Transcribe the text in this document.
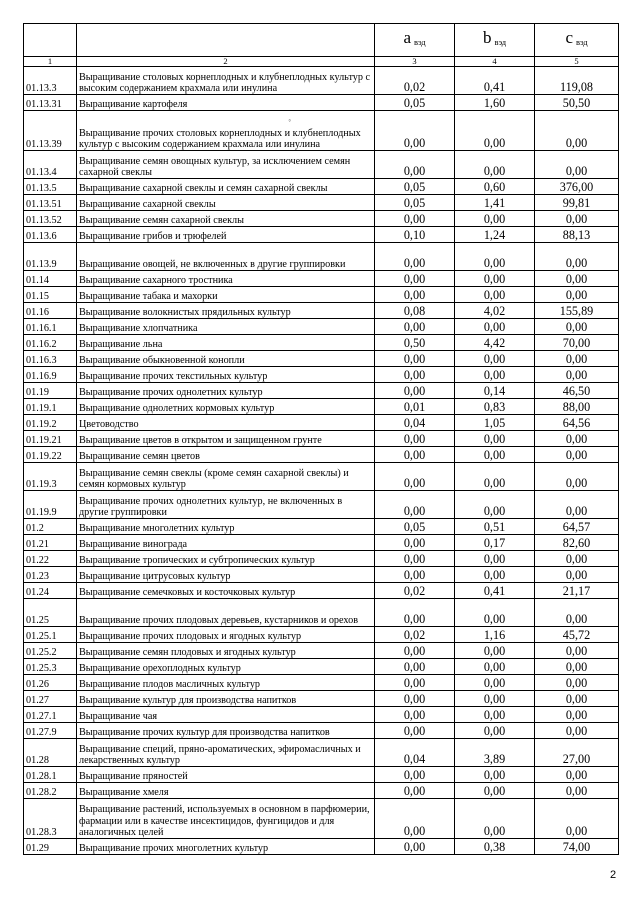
		a вэд	b вэд	c вэд
1	2	3	4	5
01.13.3	Выращивание столовых корнеплодных и клубнеплодных культур с высоким содержанием крахмала или инулина	0,02	0,41	119,08
01.13.31	Выращивание картофеля	0,05	1,60	50,50
01.13.39	Выращивание прочих столовых корнеплодных и клубнеплодных культур с высоким содержанием крахмала или инулина	0,00	0,00	0,00
01.13.4	Выращивание семян овощных культур, за исключением семян сахарной свеклы	0,00	0,00	0,00
01.13.5	Выращивание сахарной свеклы и семян сахарной свеклы	0,05	0,60	376,00
01.13.51	Выращивание сахарной свеклы	0,05	1,41	99,81
01.13.52	Выращивание семян сахарной свеклы	0,00	0,00	0,00
01.13.6	Выращивание грибов и трюфелей	0,10	1,24	88,13
01.13.9	Выращивание овощей, не включенных в другие группировки	0,00	0,00	0,00
01.14	Выращивание сахарного тростника	0,00	0,00	0,00
01.15	Выращивание табака и махорки	0,00	0,00	0,00
01.16	Выращивание волокнистых прядильных культур	0,08	4,02	155,89
01.16.1	Выращивание хлопчатника	0,00	0,00	0,00
01.16.2	Выращивание льна	0,50	4,42	70,00
01.16.3	Выращивание обыкновенной конопли	0,00	0,00	0,00
01.16.9	Выращивание прочих текстильных культур	0,00	0,00	0,00
01.19	Выращивание прочих однолетних культур	0,00	0,14	46,50
01.19.1	Выращивание однолетних кормовых культур	0,01	0,83	88,00
01.19.2	Цветоводство	0,04	1,05	64,56
01.19.21	Выращивание цветов в открытом и защищенном грунте	0,00	0,00	0,00
01.19.22	Выращивание семян цветов	0,00	0,00	0,00
01.19.3	Выращивание семян свеклы (кроме семян сахарной свеклы) и семян кормовых культур	0,00	0,00	0,00
01.19.9	Выращивание прочих однолетних культур, не включенных в другие группировки	0,00	0,00	0,00
01.2	Выращивание многолетних культур	0,05	0,51	64,57
01.21	Выращивание винограда	0,00	0,17	82,60
01.22	Выращивание тропических и субтропических культур	0,00	0,00	0,00
01.23	Выращивание цитрусовых культур	0,00	0,00	0,00
01.24	Выращивание семечковых и косточковых культур	0,02	0,41	21,17
01.25	Выращивание прочих плодовых деревьев, кустарников и орехов	0,00	0,00	0,00
01.25.1	Выращивание прочих плодовых и ягодных культур	0,02	1,16	45,72
01.25.2	Выращивание семян плодовых и ягодных культур	0,00	0,00	0,00
01.25.3	Выращивание орехоплодных культур	0,00	0,00	0,00
01.26	Выращивание плодов масличных культур	0,00	0,00	0,00
01.27	Выращивание культур для производства напитков	0,00	0,00	0,00
01.27.1	Выращивание чая	0,00	0,00	0,00
01.27.9	Выращивание прочих культур для производства напитков	0,00	0,00	0,00
01.28	Выращивание специй, пряно-ароматических, эфиромасличных и лекарственных культур	0,04	3,89	27,00
01.28.1	Выращивание пряностей	0,00	0,00	0,00
01.28.2	Выращивание хмеля	0,00	0,00	0,00
01.28.3	Выращивание растений, используемых в основном в парфюмерии, фармации или в качестве инсектицидов, фунгицидов и для аналогичных целей	0,00	0,00	0,00
01.29	Выращивание прочих многолетних культур	0,00	0,38	74,00
·:·
2
